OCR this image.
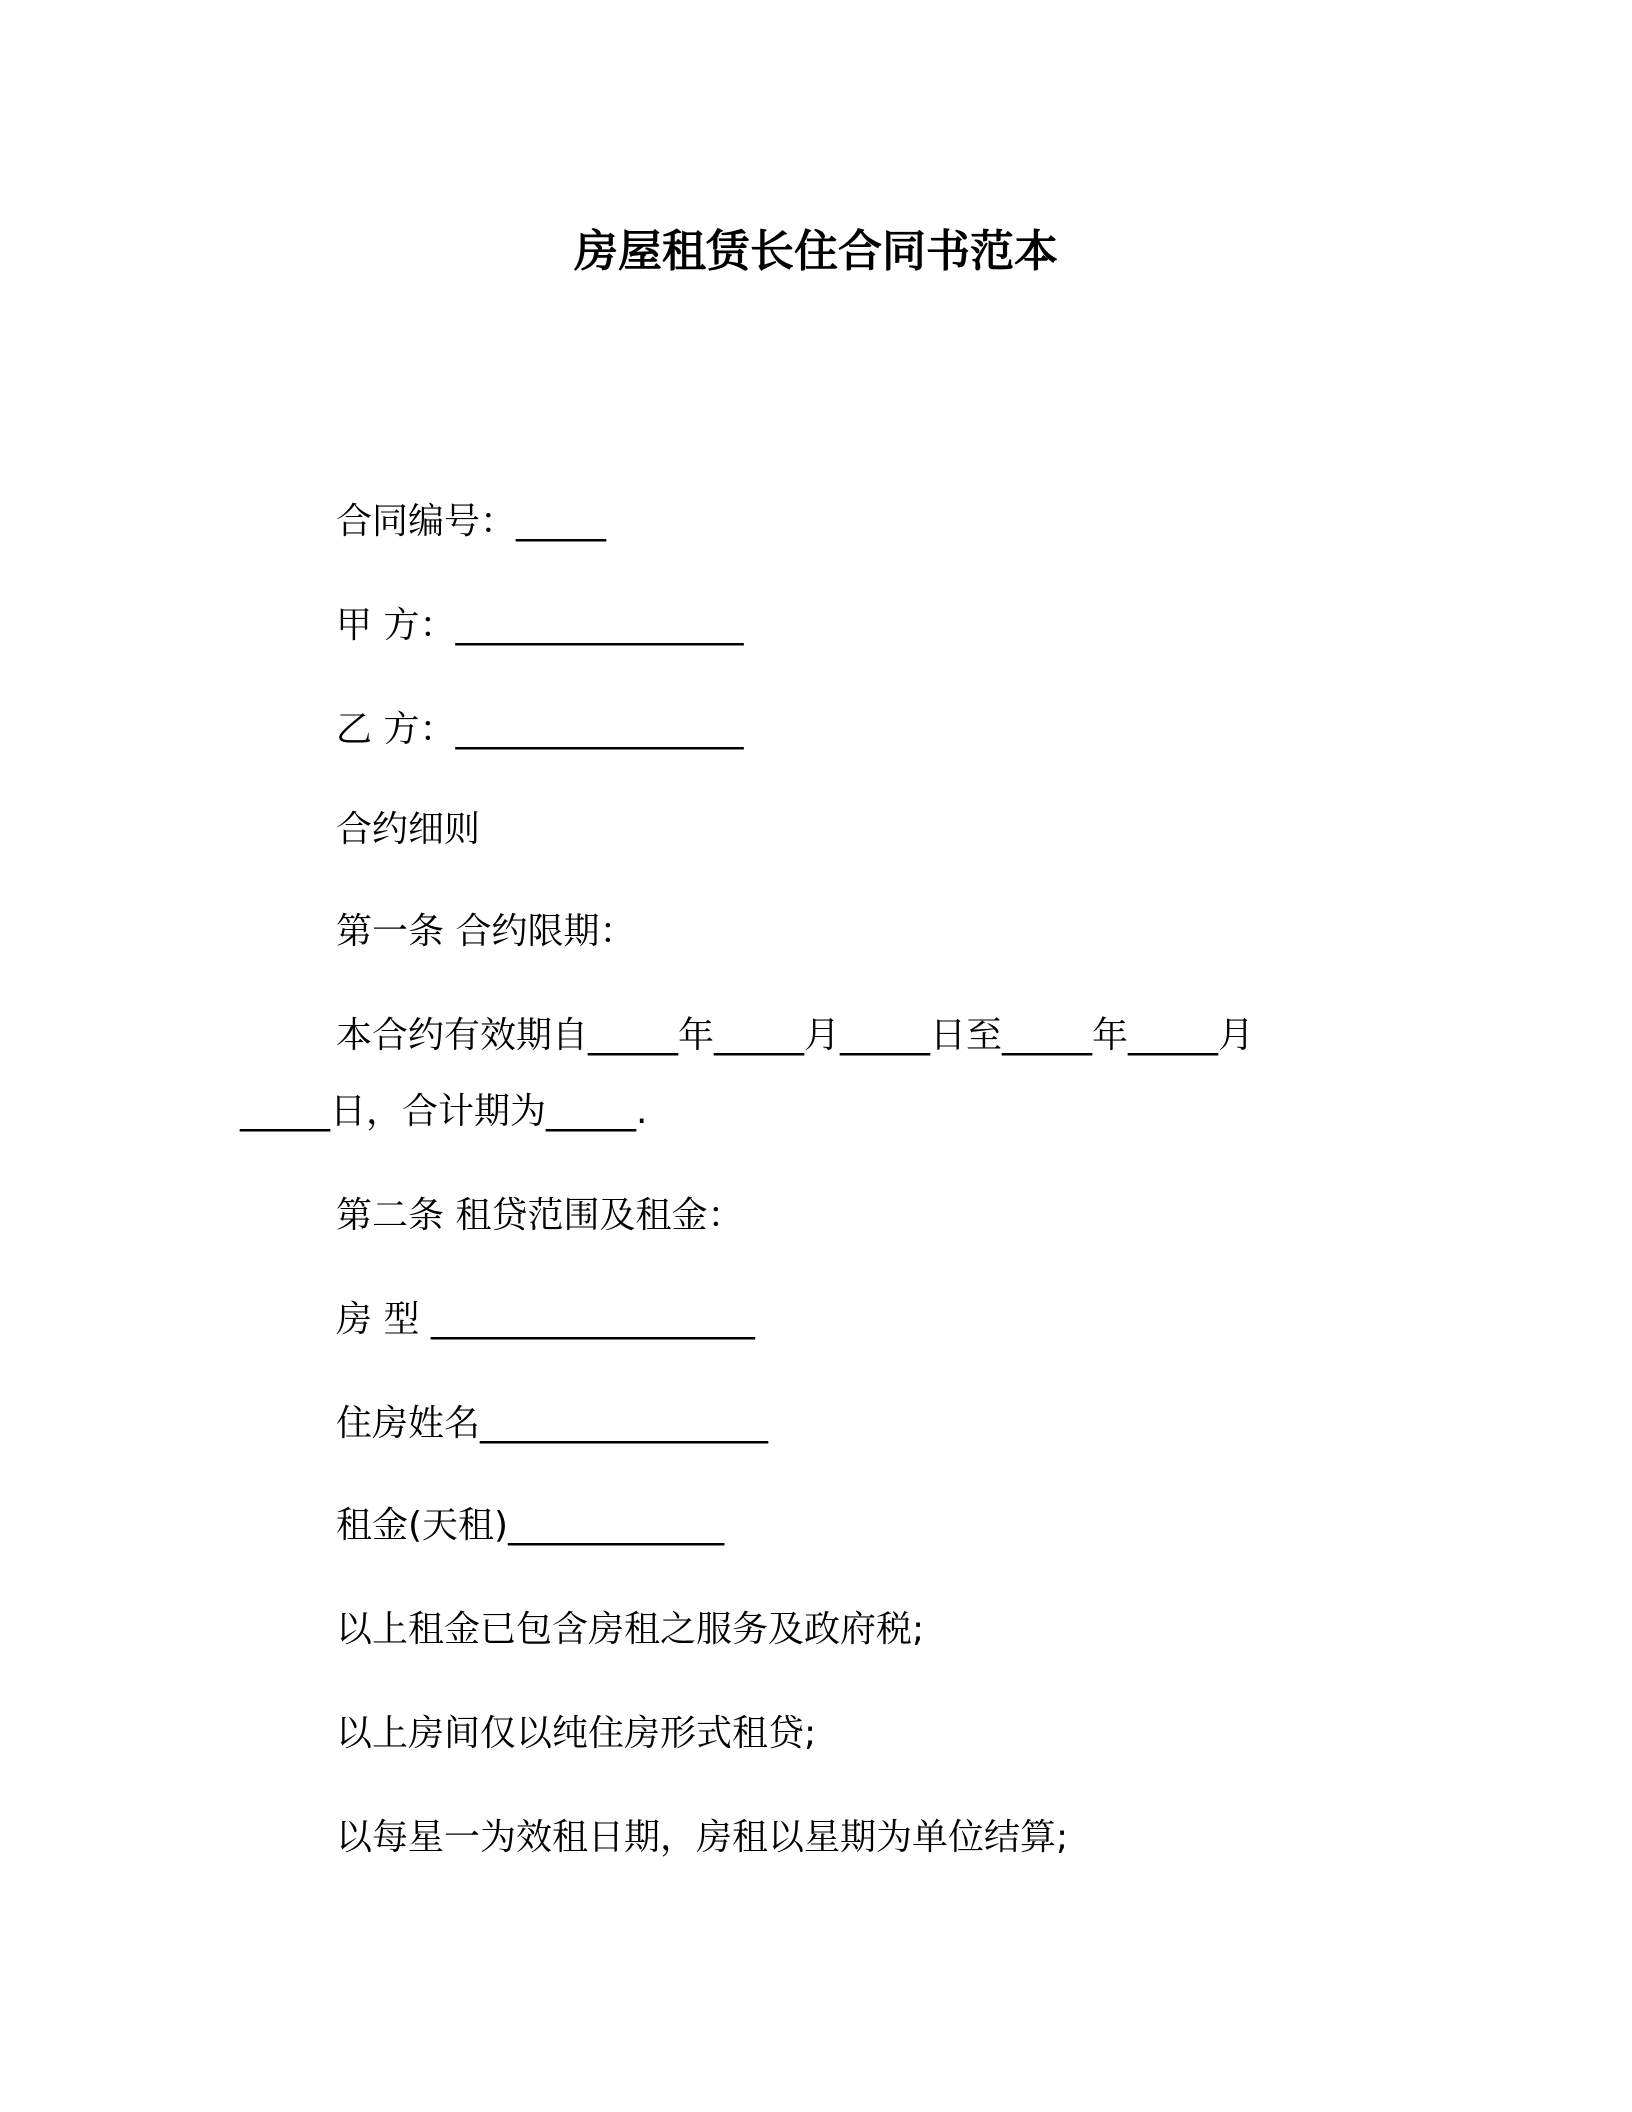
房屋租赁长住合同书范本
合同编号：_____
甲 方：________________
乙 方：________________
合约细则
第一条 合约限期：
本合约有效期自_____年_____月_____日至_____年_____月
_____日，合计期为_____.
第二条 租贷范围及租金：
房 型 __________________
住房姓名________________
租金(天租)____________
以上租金已包含房租之服务及政府税;
以上房间仅以纯住房形式租贷;
以每星一为效租日期，房租以星期为单位结算;
